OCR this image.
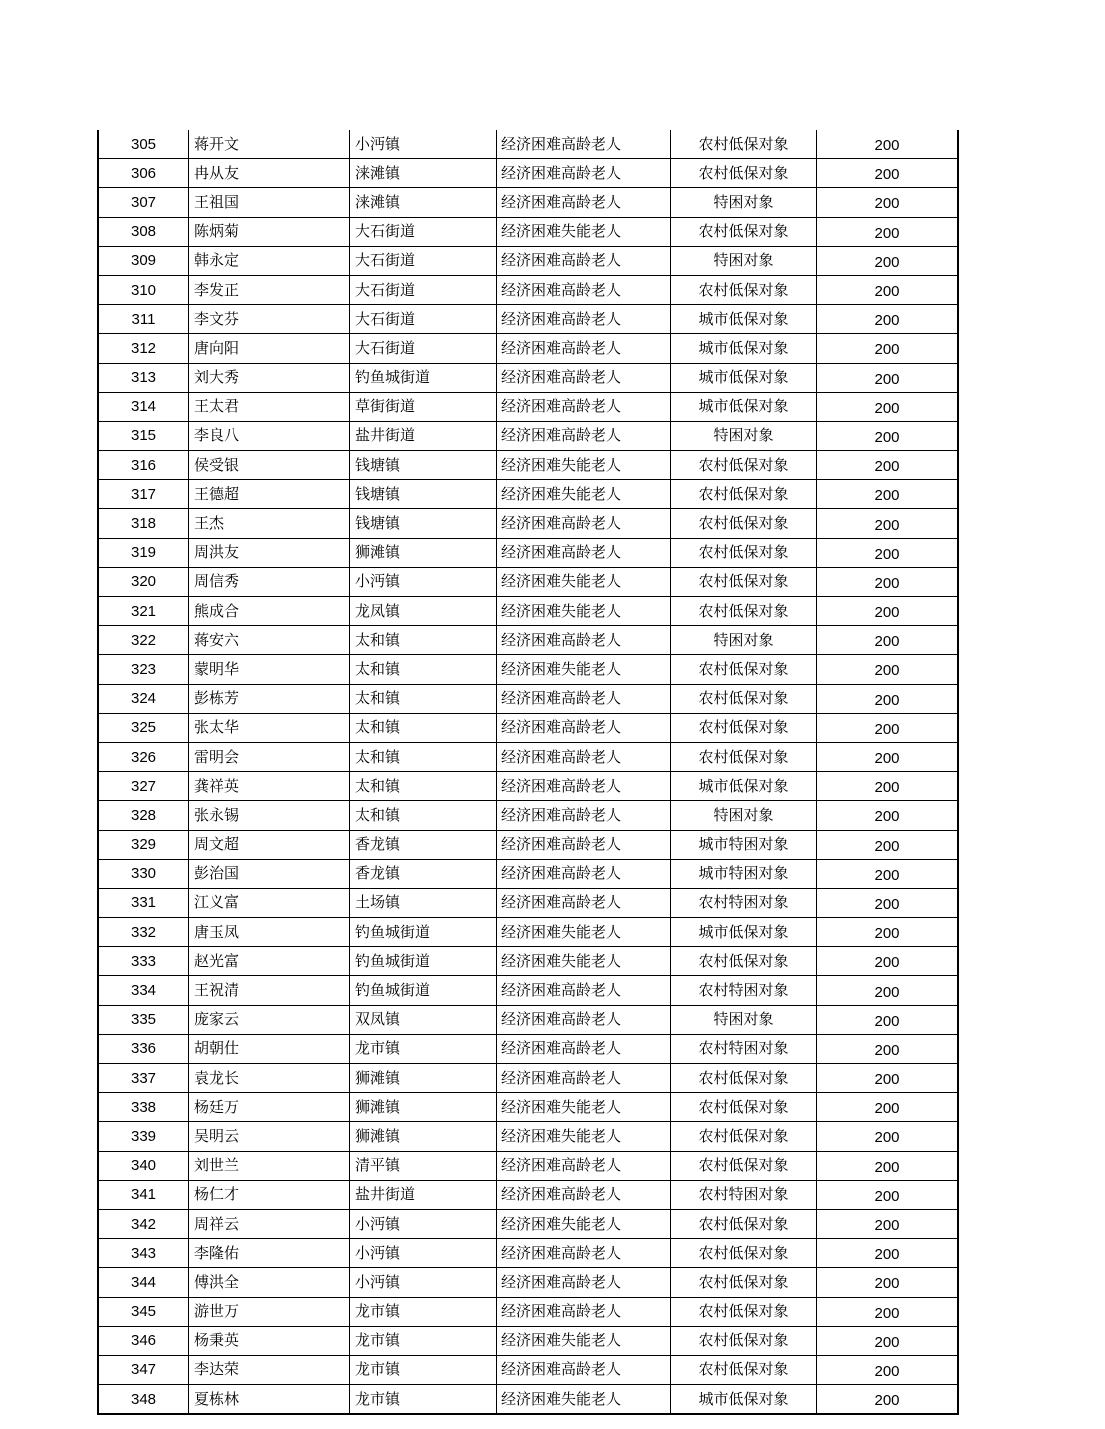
305	蒋开文	小沔镇	经济困难高龄老人	农村低保对象	200
306	冉从友	涞滩镇	经济困难高龄老人	农村低保对象	200
307	王祖国	涞滩镇	经济困难高龄老人	特困对象	200
308	陈炳菊	大石街道	经济困难失能老人	农村低保对象	200
309	韩永定	大石街道	经济困难高龄老人	特困对象	200
310	李发正	大石街道	经济困难高龄老人	农村低保对象	200
311	李文芬	大石街道	经济困难高龄老人	城市低保对象	200
312	唐向阳	大石街道	经济困难高龄老人	城市低保对象	200
313	刘大秀	钓鱼城街道	经济困难高龄老人	城市低保对象	200
314	王太君	草街街道	经济困难高龄老人	城市低保对象	200
315	李良八	盐井街道	经济困难高龄老人	特困对象	200
316	侯受银	钱塘镇	经济困难失能老人	农村低保对象	200
317	王德超	钱塘镇	经济困难失能老人	农村低保对象	200
318	王杰	钱塘镇	经济困难高龄老人	农村低保对象	200
319	周洪友	狮滩镇	经济困难高龄老人	农村低保对象	200
320	周信秀	小沔镇	经济困难失能老人	农村低保对象	200
321	熊成合	龙凤镇	经济困难失能老人	农村低保对象	200
322	蒋安六	太和镇	经济困难高龄老人	特困对象	200
323	蒙明华	太和镇	经济困难失能老人	农村低保对象	200
324	彭栋芳	太和镇	经济困难高龄老人	农村低保对象	200
325	张太华	太和镇	经济困难高龄老人	农村低保对象	200
326	雷明会	太和镇	经济困难高龄老人	农村低保对象	200
327	龚祥英	太和镇	经济困难高龄老人	城市低保对象	200
328	张永锡	太和镇	经济困难高龄老人	特困对象	200
329	周文超	香龙镇	经济困难高龄老人	城市特困对象	200
330	彭治国	香龙镇	经济困难高龄老人	城市特困对象	200
331	江义富	土场镇	经济困难高龄老人	农村特困对象	200
332	唐玉凤	钓鱼城街道	经济困难失能老人	城市低保对象	200
333	赵光富	钓鱼城街道	经济困难失能老人	农村低保对象	200
334	王祝清	钓鱼城街道	经济困难高龄老人	农村特困对象	200
335	庞家云	双凤镇	经济困难高龄老人	特困对象	200
336	胡朝仕	龙市镇	经济困难高龄老人	农村特困对象	200
337	袁龙长	狮滩镇	经济困难高龄老人	农村低保对象	200
338	杨廷万	狮滩镇	经济困难失能老人	农村低保对象	200
339	吴明云	狮滩镇	经济困难失能老人	农村低保对象	200
340	刘世兰	清平镇	经济困难高龄老人	农村低保对象	200
341	杨仁才	盐井街道	经济困难高龄老人	农村特困对象	200
342	周祥云	小沔镇	经济困难失能老人	农村低保对象	200
343	李隆佑	小沔镇	经济困难高龄老人	农村低保对象	200
344	傅洪全	小沔镇	经济困难高龄老人	农村低保对象	200
345	游世万	龙市镇	经济困难高龄老人	农村低保对象	200
346	杨秉英	龙市镇	经济困难失能老人	农村低保对象	200
347	李达荣	龙市镇	经济困难高龄老人	农村低保对象	200
348	夏栋林	龙市镇	经济困难失能老人	城市低保对象	200
